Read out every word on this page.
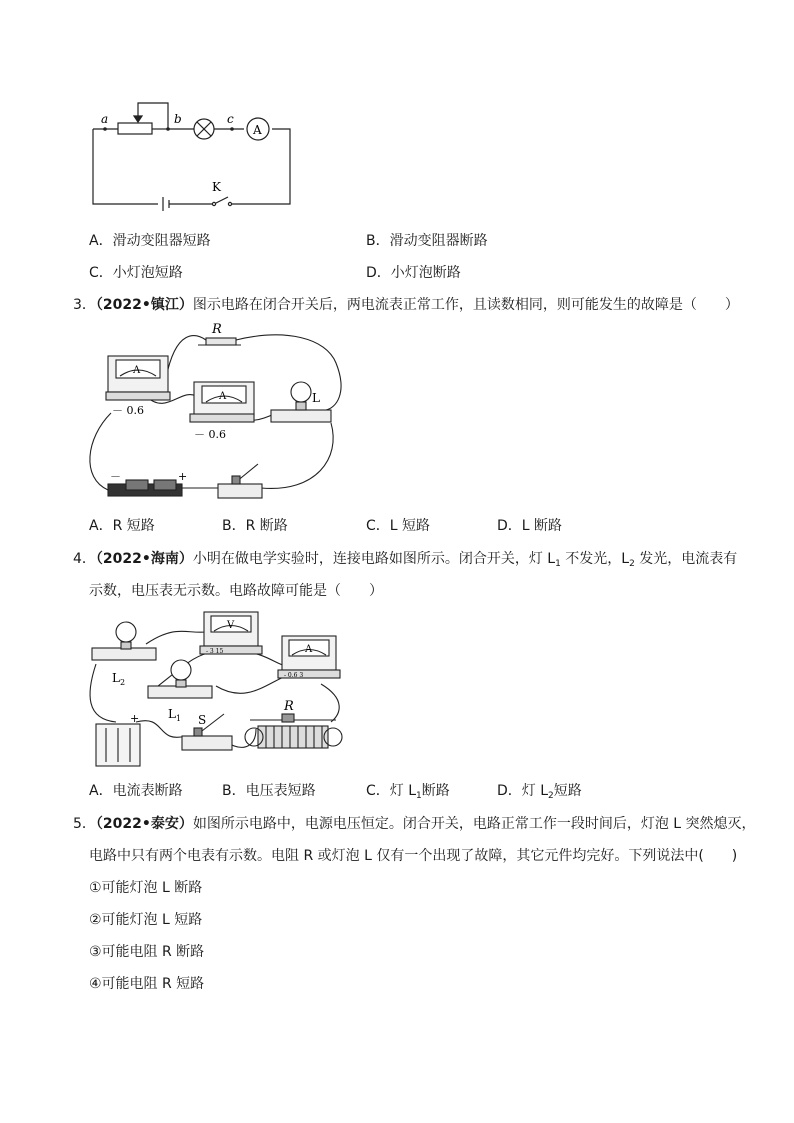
a	b	c
A
K
A．滑动变阻器短路	B．滑动变阻器断路
C．小灯泡短路	D．小灯泡断路
3．（2022•镇江）图示电路在闭合开关后，两电流表正常工作，且读数相同，则可能发生的故障是（　　）
R
L
A
A
－ 0.6
－ 0.6
－	+
A．R 短路	B．R 断路	C．L 短路	D．L 断路
4．（2022•海南）小明在做电学实验时，连接电路如图所示。闭合开关，灯 $L_1$ 不发光，$L_2$ 发光，电流表有
示数，电压表无示数。电路故障可能是（　　）
$L_2$
$L_1$ S
R
V
A
- 3 15
- 0.6 3
+
A．电流表断路	B．电压表短路	C．灯 $L_1$断路	D．灯 $L_2$短路
5．（2022•泰安）如图所示电路中，电源电压恒定。闭合开关，电路正常工作一段时间后，灯泡 L 突然熄灭，
电路中只有两个电表有示数。电阻 R 或灯泡 L 仅有一个出现了故障，其它元件均完好。下列说法中(　　)
①可能灯泡 L 断路
②可能灯泡 L 短路
③可能电阻 R 断路
④可能电阻 R 短路
